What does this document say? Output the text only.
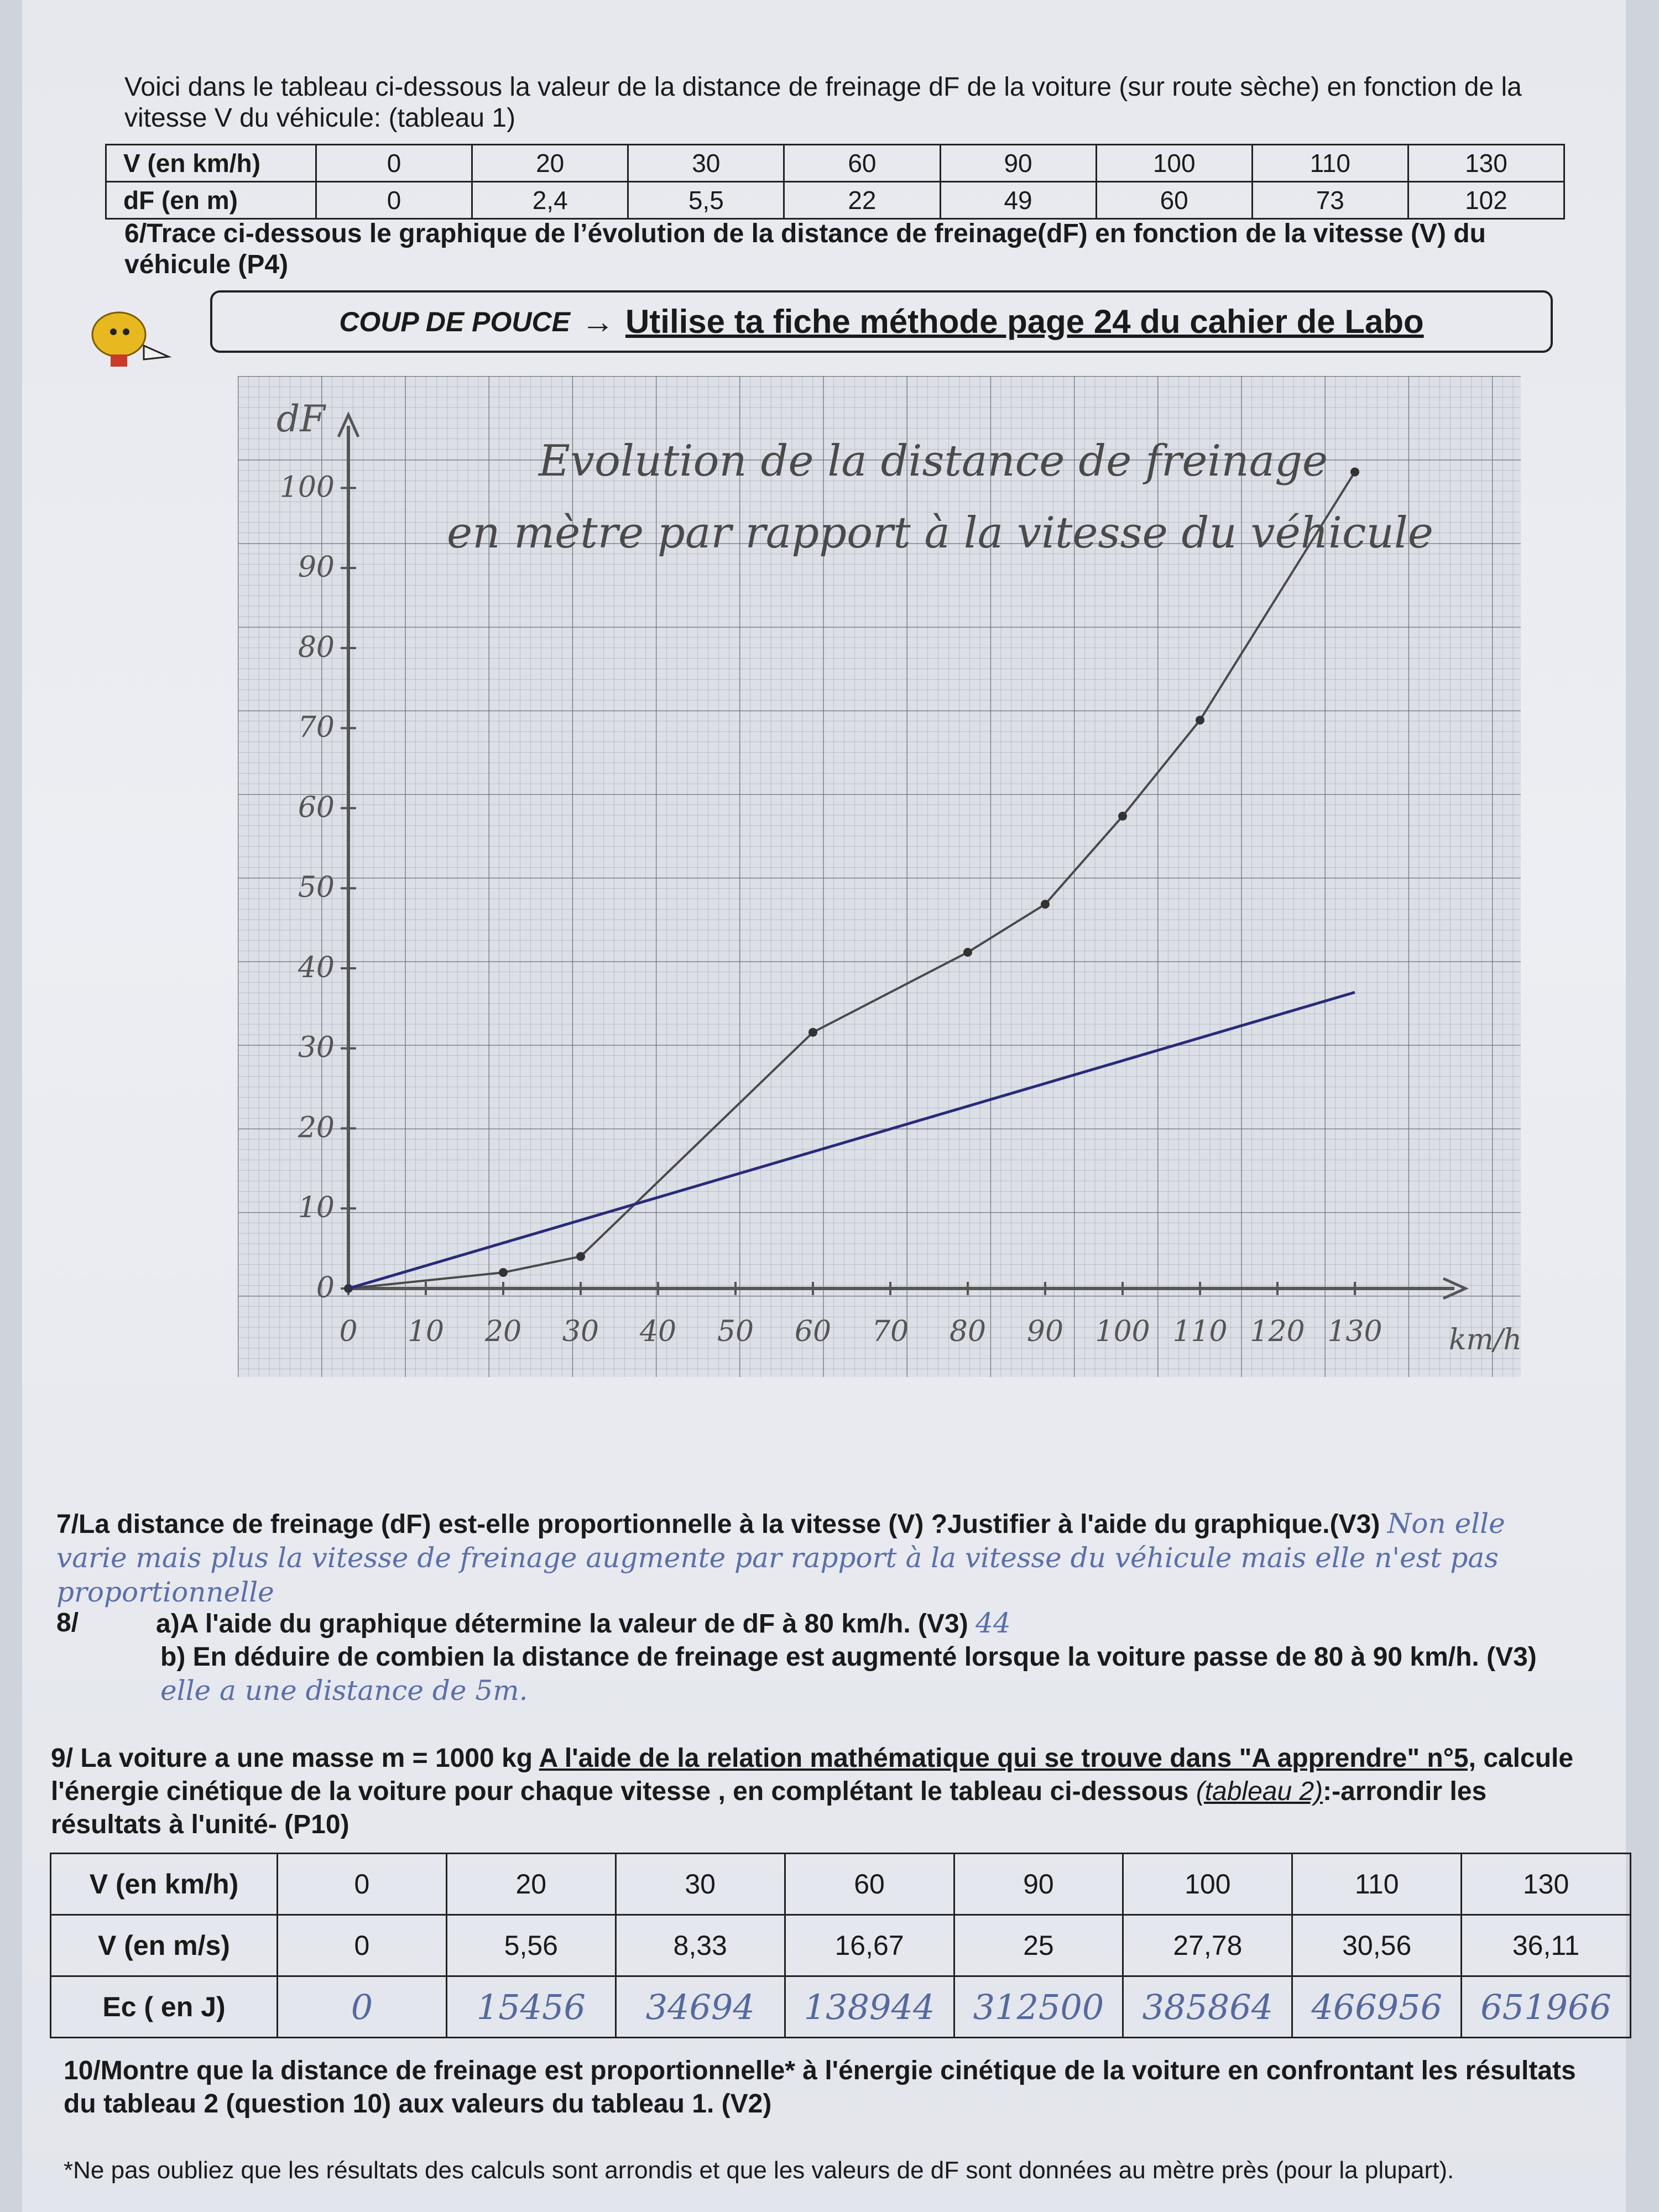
Voici dans le tableau ci-dessous la valeur de la distance de freinage dF de la voiture (sur route sèche) en fonction de la vitesse V du véhicule: (tableau 1)

V (en km/h)	0	20	30	60	90	100	110	130
dF (en m)	0	2,4	5,5	22	49	60	73	102

6/Trace ci-dessous le graphique de l’évolution de la distance de freinage(dF) en fonction de la vitesse (V) du véhicule (P4)

COUP DE POUCE → Utilise ta fiche méthode page 24 du cahier de Labo
Evolution de la distance de freinage en mètre par rapport à la vitesse du véhicule
0 10 20 30 40 50 60 70 80 90 100 110 120 130
0
10
20
30
40
50
60
70
80
90
100
dF
km/h
7/La distance de freinage (dF) est-elle proportionnelle à la vitesse (V) ?Justifier à l'aide du graphique.(V3) Non elle varie mais plus la vitesse de freinage augmente par rapport à la vitesse du véhicule mais elle n'est pas proportionnelle
8/	a)A l'aide du graphique détermine la valeur de dF à 80 km/h. (V3) 44
b) En déduire de combien la distance de freinage est augmenté lorsque la voiture passe de 80 à 90 km/h. (V3) elle a une distance de 5m.
9/ La voiture a une masse m = 1000 kg A l'aide de la relation mathématique qui se trouve dans "A apprendre" n°5, calcule l'énergie cinétique de la voiture pour chaque vitesse , en complétant le tableau ci-dessous (tableau 2):-arrondir les résultats à l'unité- (P10)
V (en km/h)	0	20	30	60	90	100	110	130
V (en m/s)	0	5,56	8,33	16,67	25	27,78	30,56	36,11
Ec ( en J)	0	15456	34694	138944	312500	385864	466956	651966

10/Montre que la distance de freinage est proportionnelle* à l'énergie cinétique de la voiture en confrontant les résultats du tableau 2 (question 10) aux valeurs du tableau 1. (V2)

*Ne pas oubliez que les résultats des calculs sont arrondis et que les valeurs de dF sont données au mètre près (pour la plupart).
